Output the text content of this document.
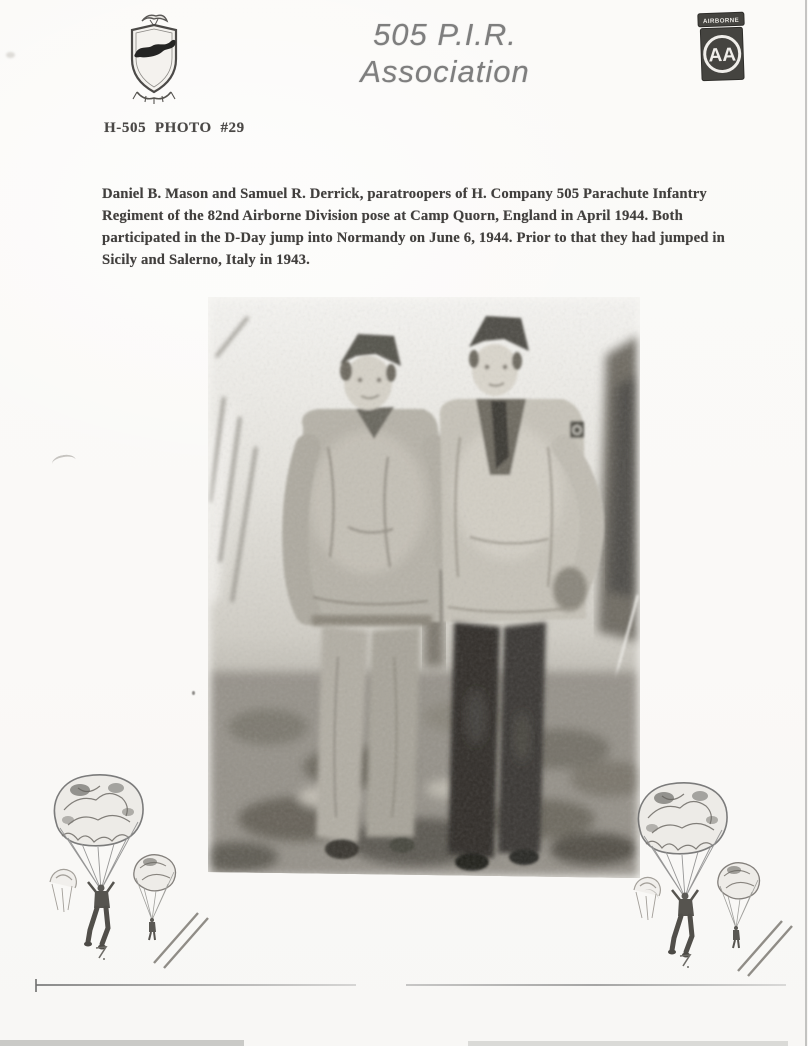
505 P.I.R.
Association
AIRBORNE
AA
H-505  PHOTO  #29
Daniel B. Mason and Samuel R. Derrick, paratroopers of H. Company 505 Parachute Infantry
Regiment of the 82nd Airborne Division pose at Camp Quorn, England in April 1944. Both
participated in the D-Day jump into Normandy on June 6, 1944. Prior to that they had jumped in
Sicily and Salerno, Italy in 1943.
